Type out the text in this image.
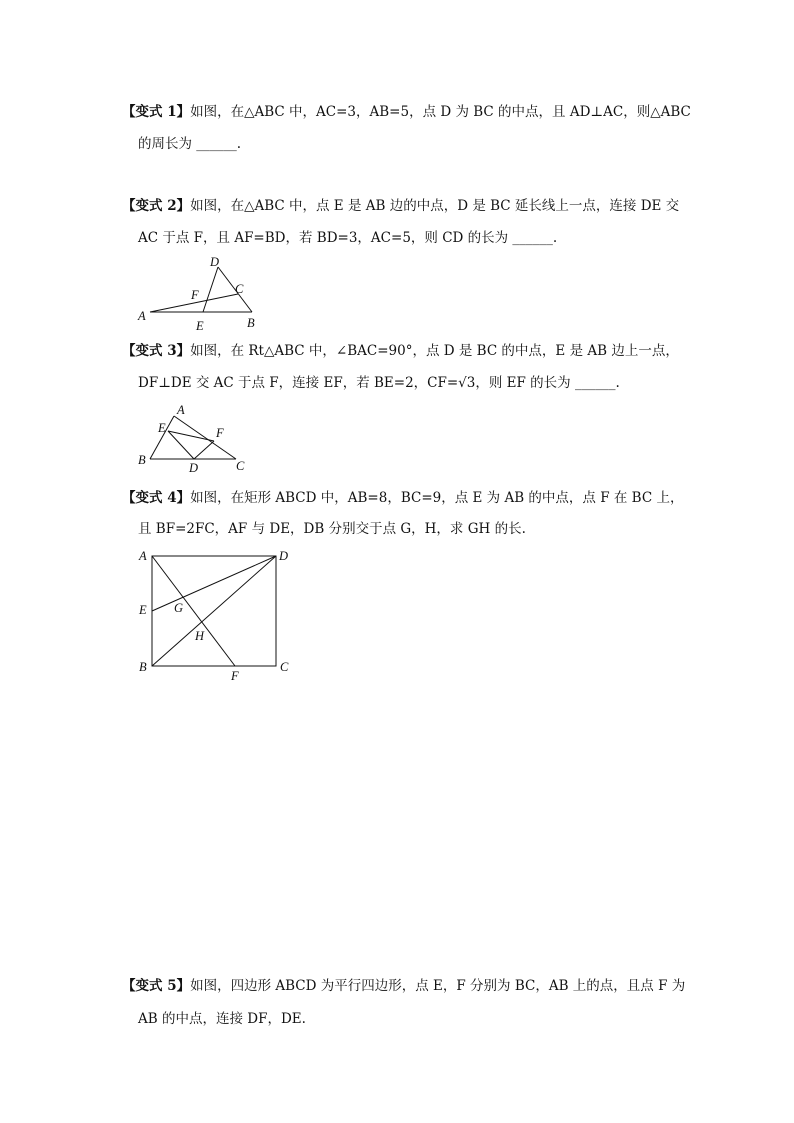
【变式 1】如图，在△ABC 中，AC=3，AB=5，点 D 为 BC 的中点，且 AD⊥AC，则△ABC
的周长为 ______.
【变式 2】如图，在△ABC 中，点 E 是 AB 边的中点，D 是 BC 延长线上一点，连接 DE 交
AC 于点 F，且 AF=BD，若 BD=3，AC=5，则 CD 的长为 ______.
D
C
F
A
E	B
【变式 3】如图，在 Rt△ABC 中，∠BAC=90°，点 D 是 BC 的中点，E 是 AB 边上一点，
DF⊥DE 交 AC 于点 F，连接 EF，若 BE=2，CF=√3，则 EF 的长为 ______.
A
E	F
B
D	C
【变式 4】如图，在矩形 ABCD 中，AB=8，BC=9，点 E 为 AB 的中点，点 F 在 BC 上，
且 BF=2FC，AF 与 DE，DB 分别交于点 G，H，求 GH 的长.
A	D
E G
H
B
F
C
【变式 5】如图，四边形 ABCD 为平行四边形，点 E，F 分别为 BC，AB 上的点，且点 F 为
AB 的中点，连接 DF，DE.
